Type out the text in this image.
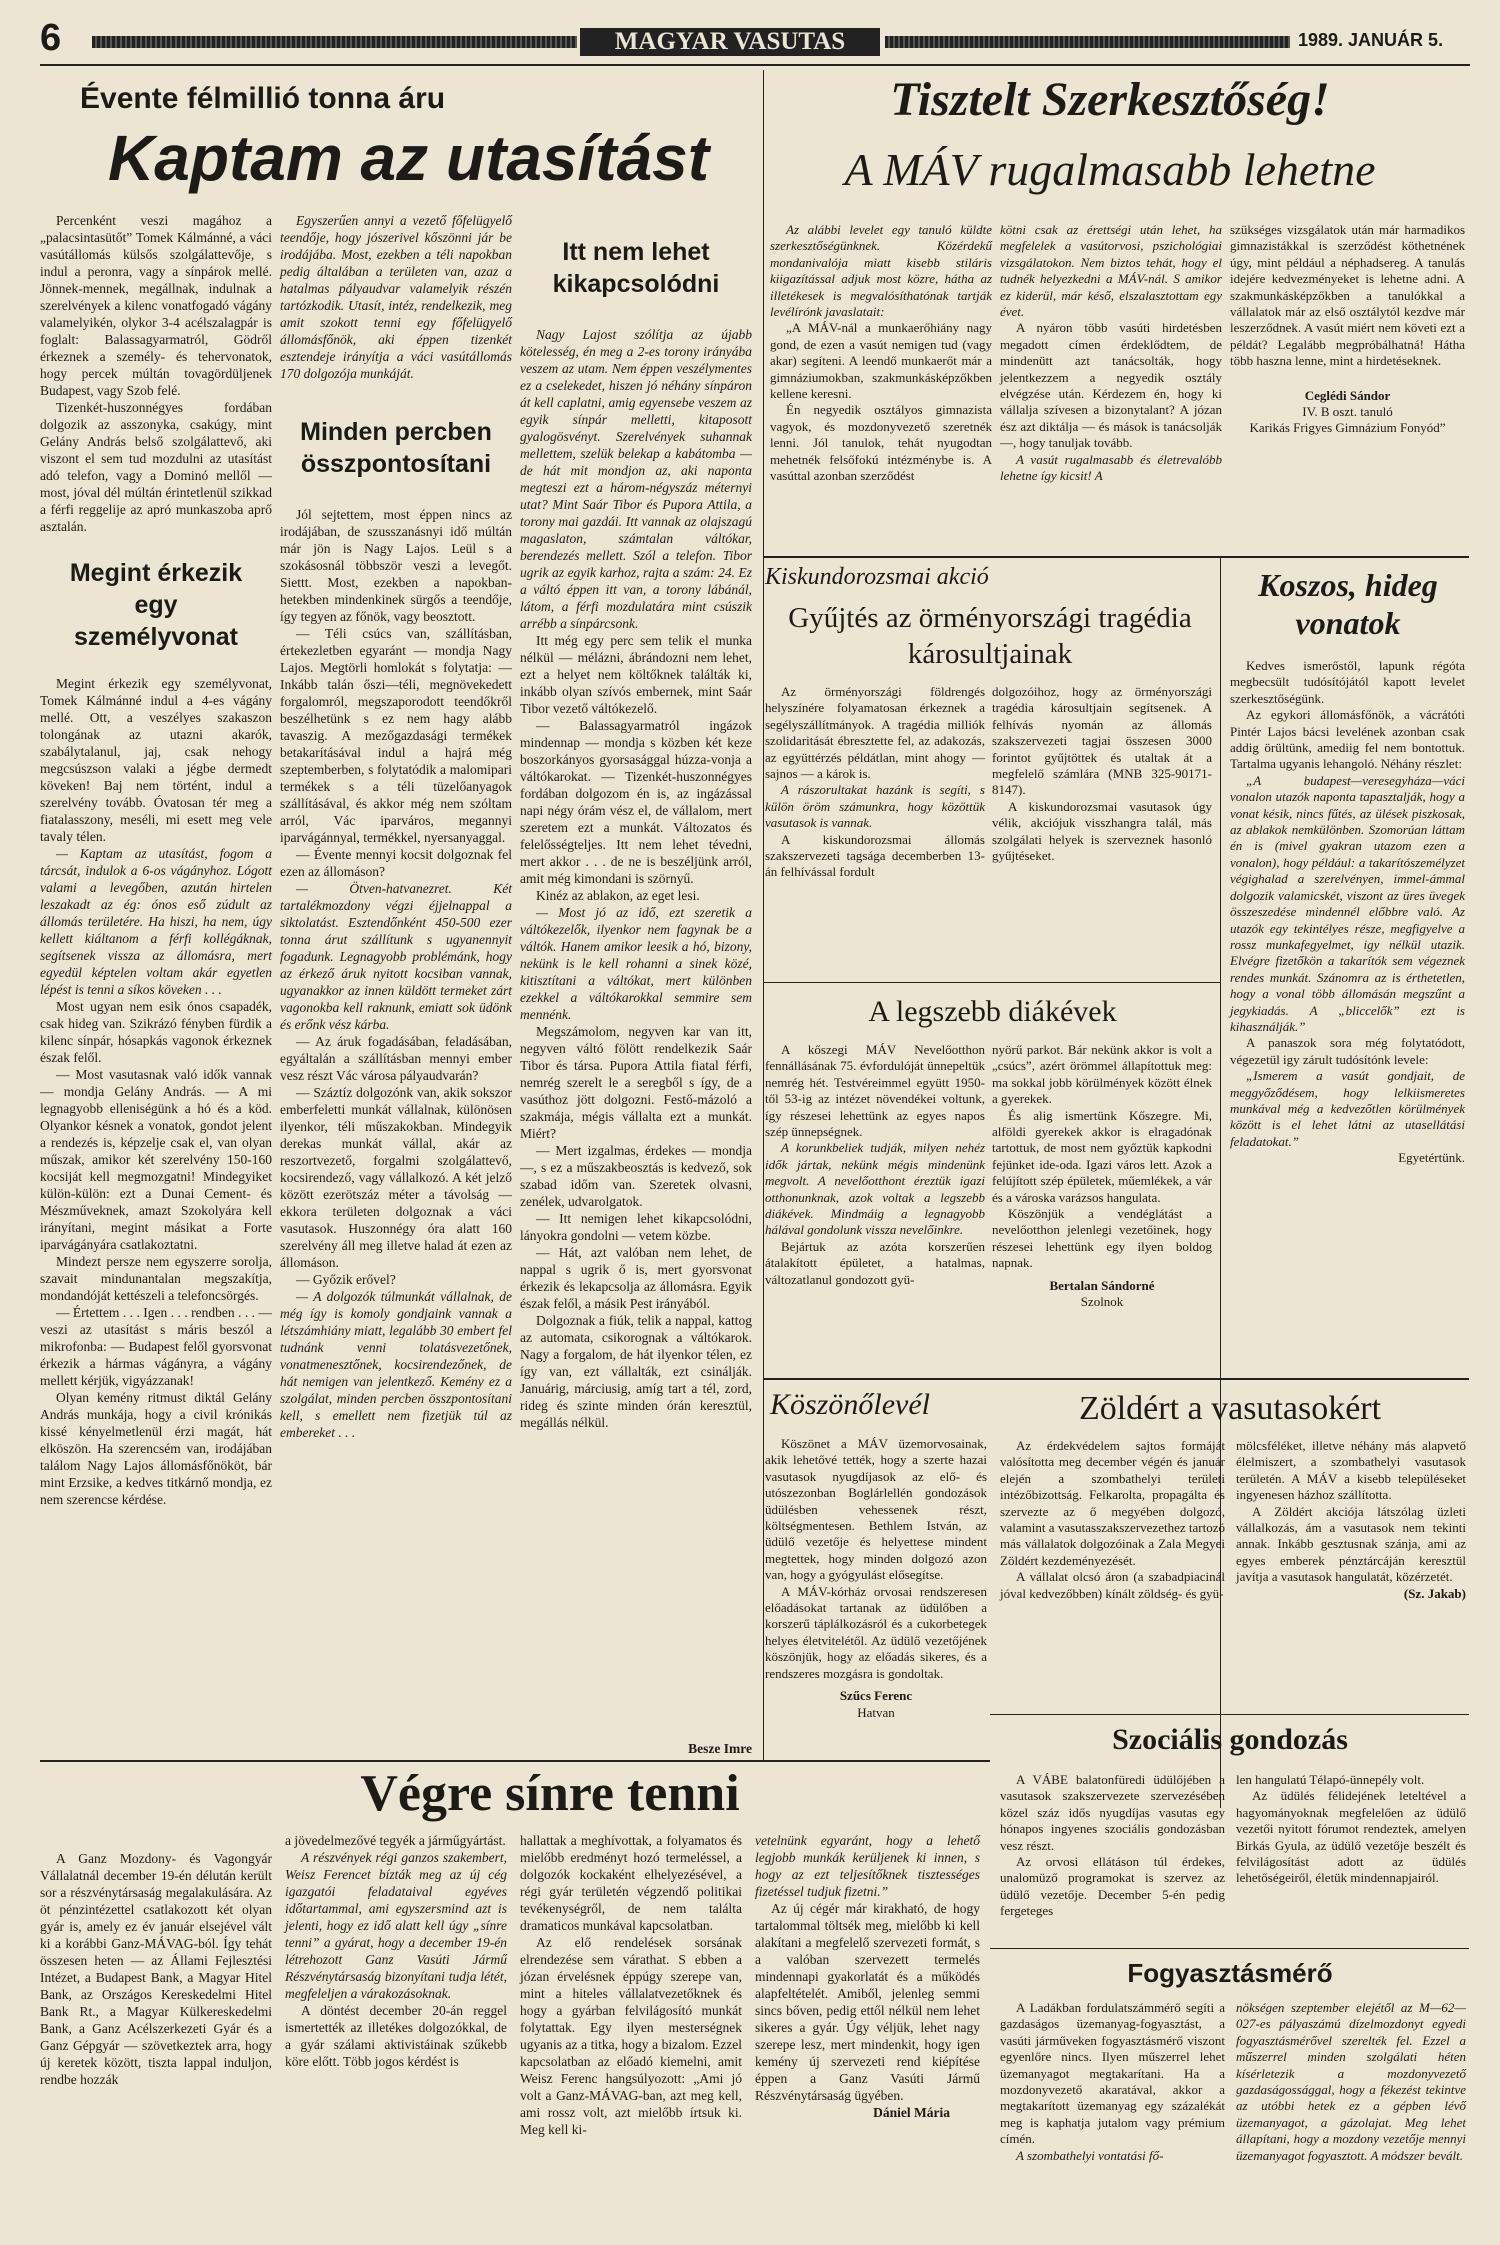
6	MAGYAR VASUTAS	1989. JANUÁR 5.
Évente félmillió tonna áru
Kaptam az utasítást

Percenként veszi magához a „palacsintasütőt” Tomek Kálmánné, a váci vasútállomás külsős szolgálattevője, s indul a peronra, vagy a sínpárok mellé. Jönnek-mennek, megállnak, indulnak a szerelvények a kilenc vonatfogadó vágány valamelyikén, olykor 3-4 acélszalagpár is foglalt: Balassagyarmatról, Gödről érkeznek a személy- és tehervonatok, hogy percek múltán tovagördüljenek Budapest, vagy Szob felé.

Tizenkét-huszonnégyes fordában dolgozik az asszonyka, csakúgy, mint Gelány András belső szolgálattevő, aki viszont el sem tud mozdulni az utasítást adó telefon, vagy a Dominó mellől — most, jóval dél múltán érintetlenül szikkad a férfi reggelije az apró munkaszoba aprő asztalán.

Megint érkezik egy személyvonat

Megint érkezik egy személyvonat, Tomek Kálmánné indul a 4-es vágány mellé. Ott, a veszélyes szakaszon tolongának az utazni akarók, szabálytalanul, jaj, csak nehogy megcsúszson valaki a jégbe dermedt köveken! Baj nem történt, indul a szerelvény tovább. Óvatosan tér meg a fiatalasszony, meséli, mi esett meg vele tavaly télen.

— Kaptam az utasítást, fogom a tárcsát, indulok a 6-os vágányhoz. Lógott valami a levegőben, azután hirtelen leszakadt az ég: ónos eső zúdult az állomás területére. Ha hiszi, ha nem, úgy kellett kiáltanom a férfi kollégáknak, segítsenek vissza az állomásra, mert egyedül képtelen voltam akár egyetlen lépést is tenni a síkos köveken . . .

Most ugyan nem esik ónos csapadék, csak hideg van. Szikrázó fényben fürdik a kilenc sínpár, hósapkás vagonok érkeznek észak felől.

— Most vasutasnak való idők vannak — mondja Gelány András. — A mi legnagyobb elleniségünk a hó és a köd. Olyankor késnek a vonatok, gondot jelent a rendezés is, képzelje csak el, van olyan műszak, amikor két szerelvény 150-160 kocsiját kell megmozgatni! Mindegyiket külön-külön: ezt a Dunai Cement- és Mészműveknek, amazt Szokolyára kell irányítani, megint másikat a Forte iparvágányára csatlakoztatni.

Mindezt persze nem egyszerre sorolja, szavait mindunantalan megszakítja, mondandóját kettészeli a telefoncsörgés.

— Értettem . . . Igen . . . rendben . . . — veszi az utasítást s máris beszól a mikrofonba: — Budapest felől gyorsvonat érkezik a hármas vágányra, a vágány mellett kérjük, vigyázzanak!

Olyan kemény ritmust diktál Gelány András munkája, hogy a civil krónikás kissé kényelmetlenül érzi magát, hát elköszön. Ha szerencsém van, irodájában találom Nagy Lajos állomásfőnököt, bár mint Erzsike, a kedves titkárnő mondja, ez nem szerencse kérdése.

Egyszerűen annyi a vezető főfelügyelő teendője, hogy jószerivel kőszönni jár be irodájába. Most, ezekben a téli napokban pedig általában a területen van, azaz a hatalmas pályaudvar valamelyik részén tartózkodik. Utasít, intéz, rendelkezik, meg amit szokott tenni egy főfelügyelő állomásfőnök, aki éppen tizenkét esztendeje irányítja a váci vasútállomás 170 dolgozója munkáját.

Minden percben összpontosítani

Jól sejtettem, most éppen nincs az irodájában, de szusszanásnyi idő múltán már jön is Nagy Lajos. Leül s a szokásosnál többször veszi a levegőt. Siettt. Most, ezekben a napokban-hetekben mindenkinek sürgős a teendője, így tegyen az főnök, vagy beosztott.

— Téli csúcs van, szállításban, értekezletben egyaránt — mondja Nagy Lajos. Megtörli homlokát s folytatja: — Inkább talán őszi—téli, megnövekedett forgalomról, megszaporodott teendőkről beszélhetünk s ez nem hagy alább tavaszig. A mezőgazdasági termékek betakarításával indul a hajrá még szeptemberben, s folytatódik a malomipari termékek s a téli tüzelőanyagok szállításával, és akkor még nem szóltam arról, Vác iparváros, megannyi iparvágánnyal, termékkel, nyersanyaggal.

— Évente mennyi kocsit dolgoznak fel ezen az állomáson?

— Ötven-hatvanezret. Két tartalékmozdony végzi éjjelnappal a siktolatást. Esztendőnként 450-500 ezer tonna árut szállítunk s ugyanennyit fogadunk. Legnagyobb problémánk, hogy az érkező áruk nyitott kocsiban vannak, ugyanakkor az innen küldött termeket zárt vagonokba kell raknunk, emiatt sok üdönk és erőnk vész kárba.

— Az áruk fogadásában, feladásában, egyáltalán a szállításban mennyi ember vesz részt Vác városa pályaudvarán?

— Száztíz dolgozónk van, akik sokszor emberfeletti munkát vállalnak, különösen ilyenkor, téli műszakokban. Mindegyik derekas munkát vállal, akár az reszortvezető, forgalmi szolgálattevő, kocsirendező, vagy vállalkozó. A két jelző között ezerötszáz méter a távolság — ekkora területen dolgoznak a váci vasutasok. Huszonnégy óra alatt 160 szerelvény áll meg illetve halad át ezen az állomáson.

— Győzik erővel?

— A dolgozók túlmunkát vállalnak, de még így is komoly gondjaink vannak a létszámhiány miatt, legalább 30 embert fel tudnánk venni tolatásvezetőnek, vonatmenesztőnek, kocsirendezőnek, de hát nemigen van jelentkező. Kemény ez a szolgálat, minden percben összpontosítani kell, s emellett nem fizetjük túl az embereket . . .

Itt nem lehet kikapcsolódni

Nagy Lajost szólítja az újabb kötelesség, én meg a 2-es torony irányába veszem az utam. Nem éppen veszélymentes ez a cselekedet, hiszen jó néhány sínpáron át kell caplatni, amig egyensebe veszem az egyik sínpár melletti, kitaposott gyalogösvényt. Szerelvények suhannak mellettem, szelük belekap a kabátomba — de hát mit mondjon az, aki naponta megteszi ezt a három-négyszáz méternyi utat? Mint Saár Tibor és Pupora Attila, a torony mai gazdái. Itt vannak az olajszagú magaslaton, számtalan váltókar, berendezés mellett. Szól a telefon. Tibor ugrik az egyik karhoz, rajta a szám: 24. Ez a váltó éppen itt van, a torony lábánál, látom, a férfi mozdulatára mint csúszik arrébb a sínpárcsonk.

Itt még egy perc sem telik el munka nélkül — mélázni, ábrándozni nem lehet, ezt a helyet nem költőknek találták ki, inkább olyan szívós embernek, mint Saár Tibor vezető váltókezelő.

— Balassagyarmatról ingázok mindennap — mondja s közben két keze boszorkányos gyorsasággal húzza-vonja a váltókarokat. — Tizenkét-huszonnégyes fordában dolgozom én is, az ingázással napi négy órám vész el, de vállalom, mert szeretem ezt a munkát. Változatos és felelősségteljes. Itt nem lehet tévedni, mert akkor . . . de ne is beszéljünk arról, amit még kimondani is szörnyű.

Kinéz az ablakon, az eget lesi.

— Most jó az idő, ezt szeretik a váltókezelők, ilyenkor nem fagynak be a váltók. Hanem amikor leesik a hó, bizony, nekünk is le kell rohanni a sinek közé, kitisztítani a váltókat, mert különben ezekkel a váltókarokkal semmire sem mennénk.

Megszámolom, negyven kar van itt, negyven váltó fölött rendelkezik Saár Tibor és társa. Pupora Attila fiatal férfi, nemrég szerelt le a seregből s így, de a vasúthoz jött dolgozni. Festő-mázoló a szakmája, mégis vállalta ezt a munkát. Miért?

— Mert izgalmas, érdekes — mondja —, s ez a műszakbeosztás is kedvező, sok szabad időm van. Szeretek olvasni, zenélek, udvarolgatok.

— Itt nemigen lehet kikapcsolódni, lányokra gondolni — vetem közbe.

— Hát, azt valóban nem lehet, de nappal s ugrik ő is, mert gyorsvonat érkezik és lekapcsolja az állomásra. Egyik észak felől, a másik Pest irányából.

Dolgoznak a fiúk, telik a nappal, kattog az automata, csikorognak a váltókarok. Nagy a forgalom, de hát ilyenkor télen, ez így van, ezt vállalták, ezt csinálják. Januárig, márciusig, amíg tart a tél, zord, rideg és szinte minden órán keresztül, megállás nélkül.

Besze Imre
Tisztelt Szerkesztőség!
A MÁV rugalmasabb lehetne

Az alábbi levelet egy tanuló küldte szerkesztőségünknek. Közérdekű mondanivalója miatt kisebb stiláris kiigazítással adjuk most közre, hátha az illetékesek is megvalósíthatónak tartják levélírónk javaslatait:

„A MÁV-nál a munkaerőhiány nagy gond, de ezen a vasút nemigen tud (vagy akar) segíteni. A leendő munkaerőt már a gimnáziumokban, szakmunkásképzőkben kellene keresni.

Én negyedik osztályos gimnazista vagyok, és mozdonyvezető szeretnék lenni. Jól tanulok, tehát nyugodtan mehetnék felsőfokú intézménybe is. A vasúttal azonban szerződést

kötni csak az érettségi után lehet, ha megfelelek a vasútorvosi, pszichológiai vizsgálatokon. Nem biztos tehát, hogy el tudnék helyezkedni a MÁV-nál. S amikor ez kiderül, már késő, elszalasztottam egy évet.

A nyáron több vasúti hirdetésben megadott címen érdeklődtem, de mindenütt azt tanácsolták, hogy jelentkezzem a negyedik osztály elvégzése után. Kérdezem én, hogy ki vállalja szívesen a bizonytalant? A józan ész azt diktálja — és mások is tanácsolják —, hogy tanuljak tovább.

A vasút rugalmasabb és életrevalóbb lehetne így kicsit! A

szükséges vizsgálatok után már harmadikos gimnazistákkal is szerződést köthetnének úgy, mint például a néphadsereg. A tanulás idejére kedvezményeket is lehetne adni. A szakmunkásképzőkben a tanulókkal a vállalatok már az első osztálytól kezdve már leszerződnek. A vasút miért nem követi ezt a példát? Legalább megpróbálhatná! Hátha több haszna lenne, mint a hirdetéseknek.

Ceglédi Sándor
IV. B oszt. tanuló
Karikás Frigyes Gimnázium Fonyód”
Kiskundorozsmai akció
Gyűjtés az örményországi tragédia károsultjainak

Az örményországi földrengés helyszínére folyamatosan érkeznek a segélyszállítmányok. A tragédia milliók szolidaritását ébresztette fel, az adakozás, az együttérzés példátlan, mint ahogy — sajnos — a károk is.

A rászorultakat hazánk is segíti, s külön öröm számunkra, hogy közöttük vasutasok is vannak.

A kiskundorozsmai állomás szakszervezeti tagsága decemberben 13-án felhívással fordult

dolgozóihoz, hogy az örményországi tragédia károsultjain segítsenek. A felhívás nyomán az állomás szakszervezeti tagjai összesen 3000 forintot gyűjtöttek és utaltak át a megfelelő számlára (MNB 325-90171-8147).

A kiskundorozsmai vasutasok úgy vélik, akciójuk visszhangra talál, más szolgálati helyek is szerveznek hasonló gyűjtéseket.

Koszos, hideg vonatok

Kedves ismerőstől, lapunk régóta megbecsült tudósítójától kapott levelet szerkesztőségünk.

Az egykori állomásfőnök, a vácrátóti Pintér Lajos bácsi levelének azonban csak addig örültünk, amediig fel nem bontottuk. Tartalma ugyanis lehangoló. Néhány részlet:

„A budapest—veresegyháza—váci vonalon utazók naponta tapasztalják, hogy a vonat késik, nincs fűtés, az ülések piszkosak, az ablakok nemkülönben. Szomorúan láttam én is (mivel gyakran utazom ezen a vonalon), hogy például: a takarítószemélyzet végighalad a szerelvényen, immel-ámmal dolgozik valamicskét, viszont az üres üvegek összeszedése mindennél előbbre való. Az utazók egy tekintélyes része, megfigyelve a rossz munkafegyelmet, igy nélkül utazik. Elvégre fizetőkön a takarítók sem végeznek rendes munkát. Szánomra az is érthetetlen, hogy a vonal több állomásán megszűnt a jegykiadás. A „bliccelők” ezt is kihasználják.”

A panaszok sora még folytatódott, végezetül igy zárult tudósítónk levele:

„Ismerem a vasút gondjait, de meggyőződésem, hogy lelkiismeretes munkával még a kedvezőtlen körülmények között is el lehet látni az utasellátási feladatokat.”

Egyetértünk.

A legszebb diákévek

A kőszegi MÁV Nevelőotthon fennállásának 75. évfordulóját ünnepeltük nemrég hét. Testvéreimmel együtt 1950-től 53-ig az intézet növendékei voltunk, így részesei lehettünk az egyes napos szép ünnepségnek.

A korunkbeliek tudják, milyen nehéz idők jártak, nekünk mégis mindenünk megvolt. A nevelőotthont éreztük igazi otthonunknak, azok voltak a legszebb diákévek. Mindmáig a legnagyobb hálával gondolunk vissza nevelőinkre.

Bejártuk az azóta korszerűen átalakított épületet, a hatalmas, változatlanul gondozott gyü-

nyörű parkot. Bár nekünk akkor is volt a „csúcs”, azért örömmel állapítottuk meg: ma sokkal jobb körülmények között élnek a gyerekek.

És alig ismertünk Kőszegre. Mi, alföldi gyerekek akkor is elragadónak tartottuk, de most nem győztük kapkodni fejünket ide-oda. Igazi város lett. Azok a felújított szép épületek, műemlékek, a vár és a városka varázsos hangulata.

Köszönjük a vendéglátást a nevelőotthon jelenlegi vezetőinek, hogy részesei lehettünk egy ilyen boldog napnak.

Bertalan Sándorné
Szolnok
Köszönőlevél

Köszönet a MÁV üzemorvosainak, akik lehetővé tették, hogy a szerte hazai vasutasok nyugdíjasok az elő- és utószezonban Boglárlellén gondozások üdülésben vehessenek részt, költségmentesen. Bethlem István, az üdülő vezetője és helyettese mindent megtettek, hogy minden dolgozó azon van, hogy a gyógyulást elősegítse.

A MÁV-kórház orvosai rendszeresen előadásokat tartanak az üdülőben a korszerű táplálkozásról és a cukorbetegek helyes életvitelétől. Az üdülő vezetőjének köszönjük, hogy az előadás sikeres, és a rendszeres mozgásra is gondoltak.

Szűcs Ferenc
Hatvan
Zöldért a vasutasokért

Az érdekvédelem sajtos formáját valósította meg december végén és január elején a szombathelyi területi intézőbizottság. Felkarolta, propagálta és szervezte az ő megyében dolgozó, valamint a vasutasszakszervezethez tartozó más vállalatok dolgozóinak a Zala Megyei Zöldért kezdeményezését.

A vállalat olcsó áron (a szabadpiacinál jóval kedvezőbben) kínált zöldség- és gyü-

mölcsféléket, illetve néhány más alapvető élelmiszert, a szombathelyi vasutasok területén. A MÁV a kisebb településeket ingyenesen házhoz szállította.

A Zöldért akciója látszólag üzleti vállalkozás, ám a vasutasok nem tekinti annak. Inkább gesztusnak szánja, ami az egyes emberek pénztárcáján keresztül javítja a vasutasok hangulatát, közérzetét.

(Sz. Jakab)
Szociális gondozás

A VÁBE balatonfüredi üdülőjében a vasutasok szakszervezete szervezésében közel száz idős nyugdíjas vasutas egy hónapos ingyenes szociális gondozásban vesz részt.

Az orvosi ellátáson túl érdekes, unalomüző programokat is szervez az üdülő vezetője. December 5-én pedig fergeteges

len hangulatú Télapó-ünnepély volt.

Az üdülés félidejének leteltével a hagyományoknak megfelelően az üdülő vezetői nyitott fórumot rendeztek, amelyen Birkás Gyula, az üdülő vezetője beszélt és felvilágosítást adott az üdülés lehetőségeiről, életük mindennapjairól.

Végre sínre tenni

A Ganz Mozdony- és Vagongyár Vállalatnál december 19-én délután került sor a részvénytársaság megalakulására. Az öt pénzintézettel csatlakozott két olyan gyár is, amely ez év január elsejével vált ki a korábbi Ganz-MÁVAG-ból. Így tehát összesen heten — az Állami Fejlesztési Intézet, a Budapest Bank, a Magyar Hitel Bank, az Országos Kereskedelmi Hitel Bank Rt., a Magyar Külkereskedelmi Bank, a Ganz Acélszerkezeti Gyár és a Ganz Gépgyár — szövetkeztek arra, hogy új keretek között, tiszta lappal induljon, rendbe hozzák

a jövedelmezővé tegyék a járműgyártást.

A részvények régi ganzos szakembert, Weisz Ferencet bízták meg az új cég igazgatói feladataival egyéves időtartammal, ami egyszersmind azt is jelenti, hogy ez idő alatt kell úgy „sínre tenni” a gyárat, hogy a december 19-én létrehozott Ganz Vasúti Jármű Részvénytársaság bizonyítani tudja létét, megfeleljen a várakozásoknak.

A döntést december 20-án reggel ismertették az illetékes dolgozókkal, de a gyár szálami aktivistáinak szűkebb köre előtt. Több jogos kérdést is

hallattak a meghívottak, a folyamatos és mielőbb eredményt hozó termeléssel, a dolgozók kockaként elhelyezésével, a régi gyár területén végzendő politikai tevékenységről, de nem találta dramaticos munkával kapcsolatban.

Az elő rendelések sorsának elrendezése sem várathat. S ebben a józan érvelésnek éppúgy szerepe van, mint a hiteles vállalatvezetőknek és hogy a gyárban felvilágosító munkát folytattak. Egy ilyen mesterségnek ugyanis az a titka, hogy a bizalom. Ezzel kapcsolatban az előadó kiemelni, amit Weisz Ferenc hangsúlyozott: „Ami jó volt a Ganz-MÁVAG-ban, azt meg kell, ami rossz volt, azt mielőbb írtsuk ki. Meg kell ki-

vetelnünk egyaránt, hogy a lehető legjobb munkák kerüljenek ki innen, s hogy az ezt teljesítőknek tisztességes fizetéssel tudjuk fizetni.”

Az új cégér már kirakható, de hogy tartalommal töltsék meg, mielőbb ki kell alakítani a megfelelő szervezeti formát, s a valóban szervezett termelés mindennapi gyakorlatát és a működés alapfeltételét. Amiből, jelenleg semmi sincs bőven, pedig ettől nélkül nem lehet sikeres a gyár. Úgy véljük, lehet nagy szerepe lesz, mert mindenkit, hogy igen kemény új szervezeti rend kiépítése éppen a Ganz Vasúti Jármű Részvénytársaság ügyében.

Dániel Mária
Fogyasztásmérő

A Ladákban fordulatszámmérő segíti a gazdaságos üzemanyag-fogyasztást, a vasúti járműveken fogyasztásmérő viszont egyenlőre nincs. Ilyen műszerrel lehet üzemanyagot megtakarítani. Ha a mozdonyvezető akaratával, akkor a megtakarított üzemanyag egy százalékát meg is kaphatja jutalom vagy prémium címén.

A szombathelyi vontatási fő-

nökségen szeptember elejétől az M—62—027-es pályaszámú dízelmozdonyt egyedi fogyasztásmérővel szerelték fel. Ezzel a műszerrel minden szolgálati héten kísérletezik a mozdonyvezető gazdaságossággal, hogy a fékezést tekintve az utóbbi hetek ez a gépben lévő üzemanyagot, a gázolajat. Meg lehet állapítani, hogy a mozdony vezetője mennyi üzemanyagot fogyasztott. A módszer bevált.
